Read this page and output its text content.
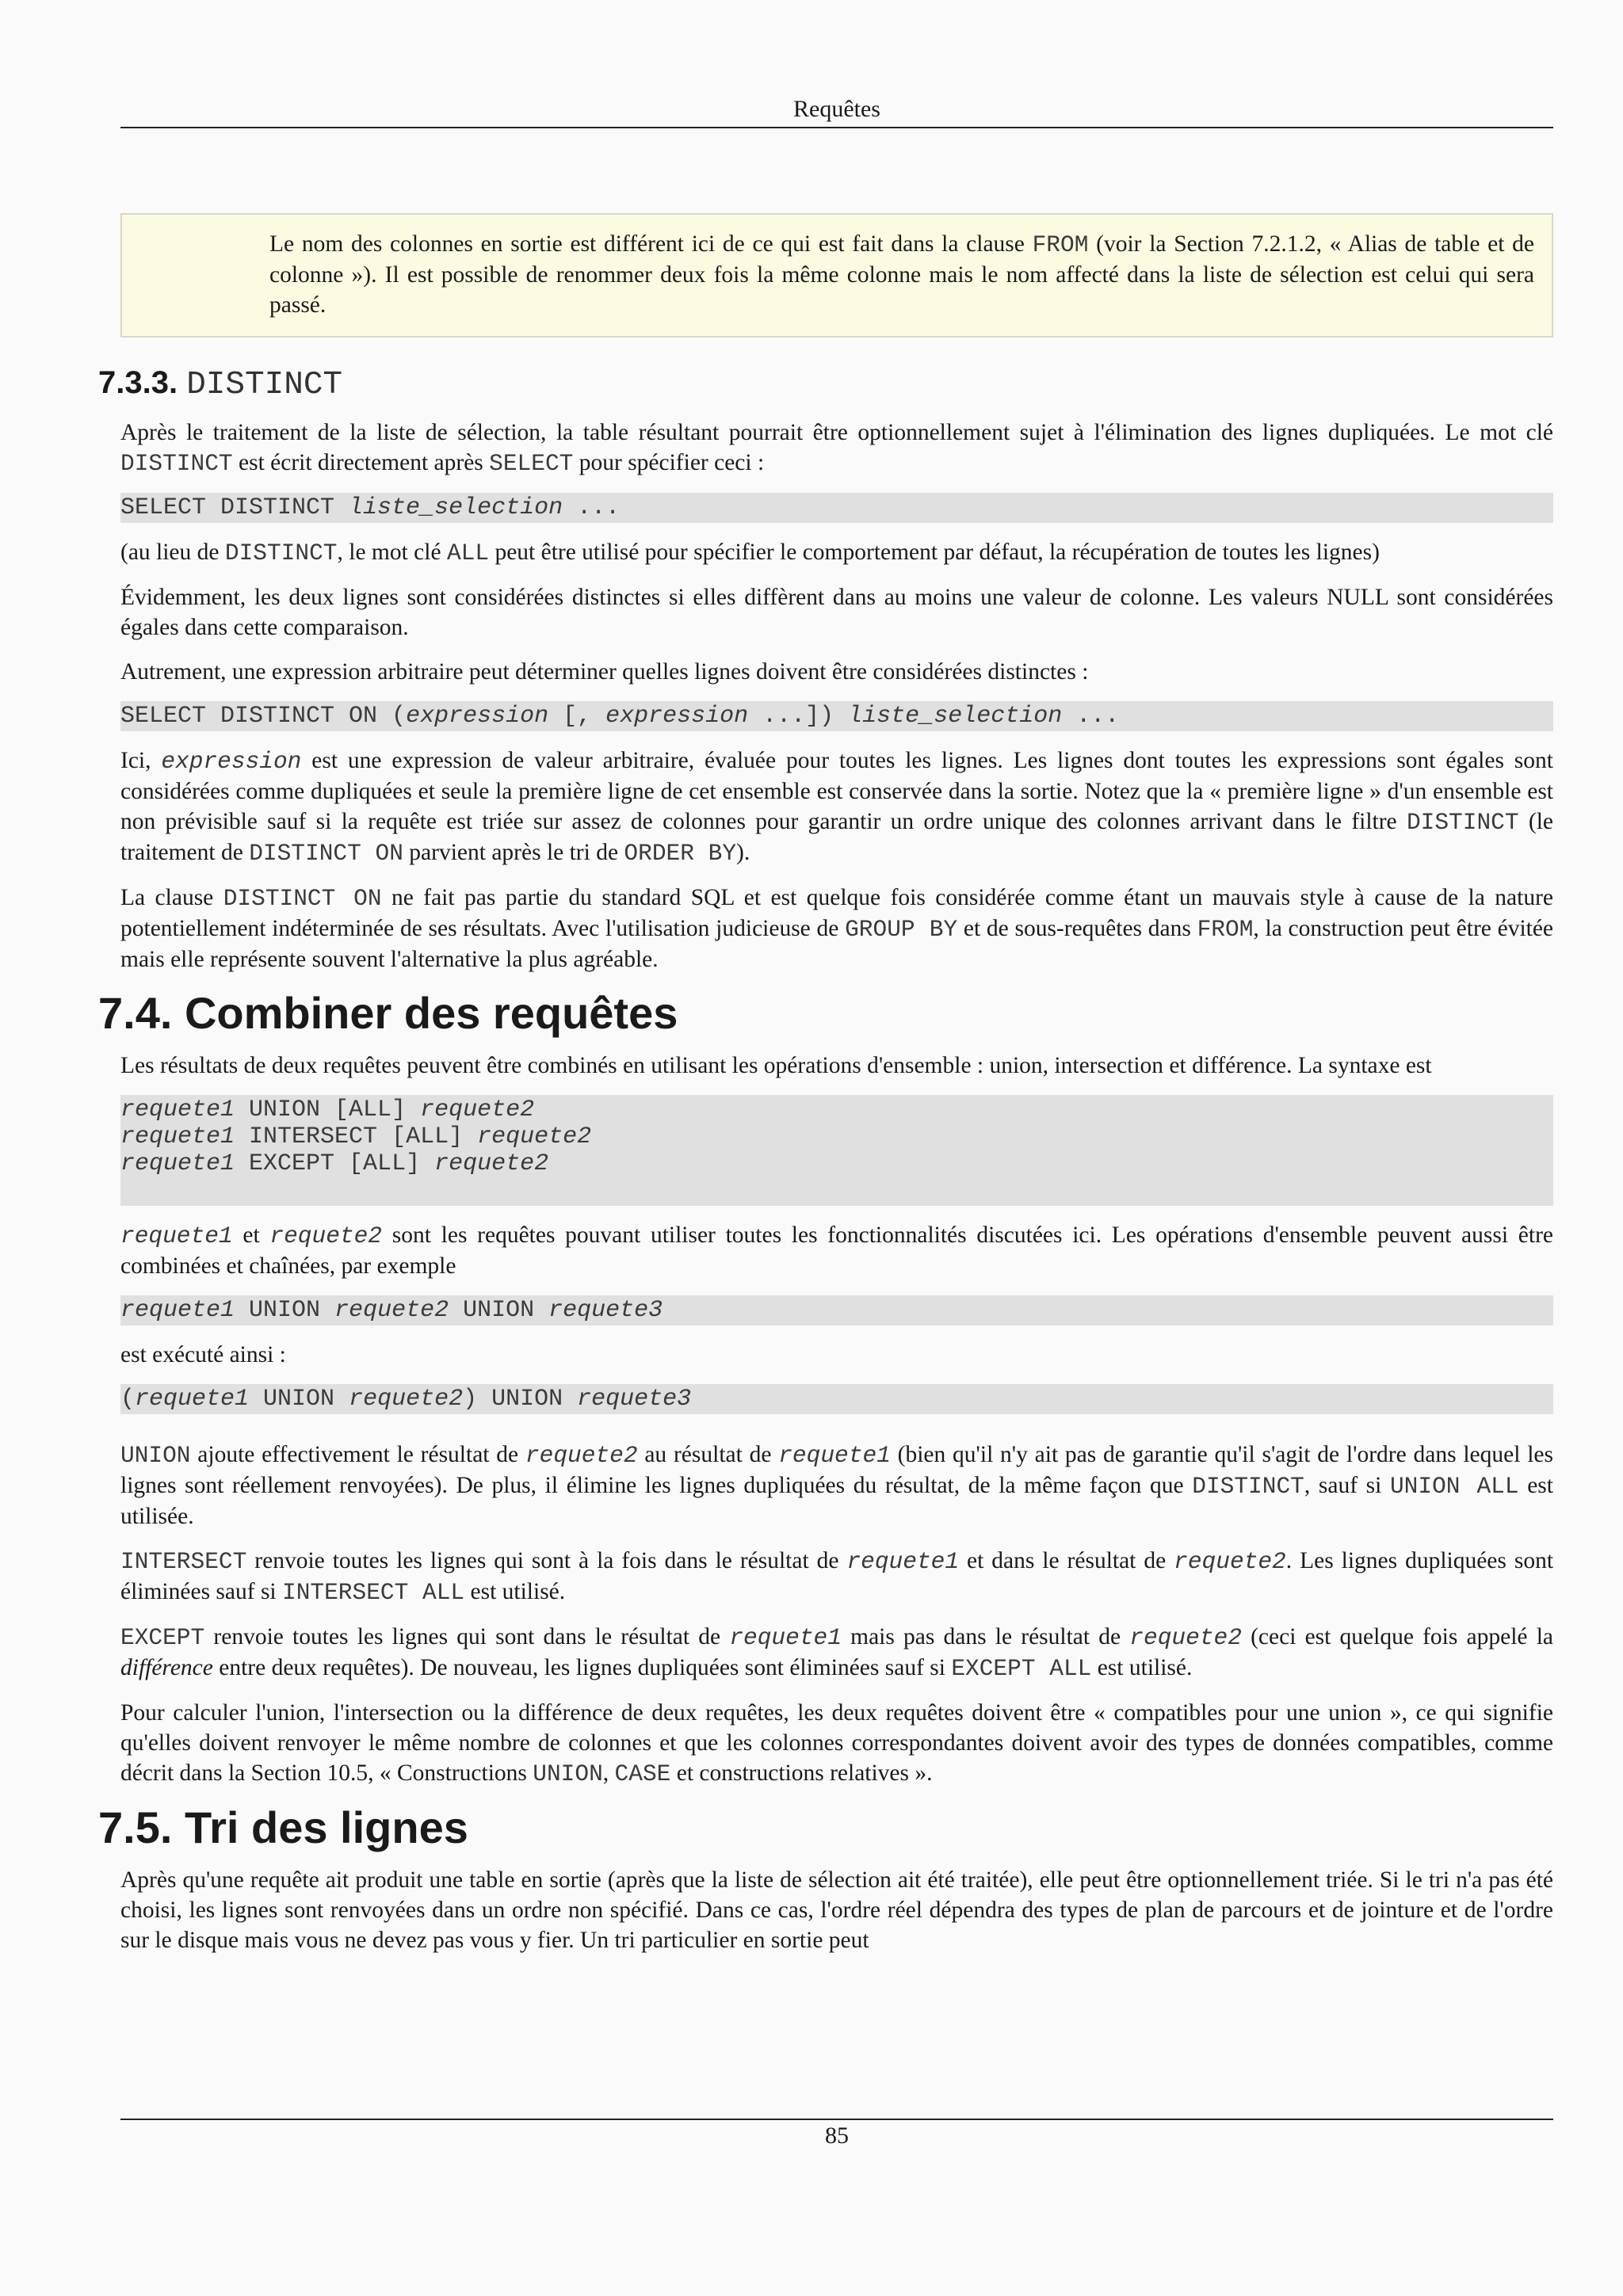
Requêtes

Le nom des colonnes en sortie est différent ici de ce qui est fait dans la clause FROM (voir la Section 7.2.1.2, « Alias de table et de colonne »). Il est possible de renommer deux fois la même colonne mais le nom affecté dans la liste de sélection est celui qui sera passé.

7.3.3. DISTINCT

Après le traitement de la liste de sélection, la table résultant pourrait être optionnellement sujet à l'élimination des lignes dupliquées. Le mot clé DISTINCT est écrit directement après SELECT pour spécifier ceci :

SELECT DISTINCT liste_selection ...

(au lieu de DISTINCT, le mot clé ALL peut être utilisé pour spécifier le comportement par défaut, la récupération de toutes les lignes)

Évidemment, les deux lignes sont considérées distinctes si elles diffèrent dans au moins une valeur de colonne. Les valeurs NULL sont considérées égales dans cette comparaison.

Autrement, une expression arbitraire peut déterminer quelles lignes doivent être considérées distinctes :

SELECT DISTINCT ON (expression [, expression ...]) liste_selection ...

Ici, expression est une expression de valeur arbitraire, évaluée pour toutes les lignes. Les lignes dont toutes les expressions sont égales sont considérées comme dupliquées et seule la première ligne de cet ensemble est conservée dans la sortie. Notez que la « première ligne » d'un ensemble est non prévisible sauf si la requête est triée sur assez de colonnes pour garantir un ordre unique des colonnes arrivant dans le filtre DISTINCT (le traitement de DISTINCT ON parvient après le tri de ORDER BY).

La clause DISTINCT ON ne fait pas partie du standard SQL et est quelque fois considérée comme étant un mauvais style à cause de la nature potentiellement indéterminée de ses résultats. Avec l'utilisation judicieuse de GROUP BY et de sous-requêtes dans FROM, la construction peut être évitée mais elle représente souvent l'alternative la plus agréable.

7.4. Combiner des requêtes

Les résultats de deux requêtes peuvent être combinés en utilisant les opérations d'ensemble : union, intersection et différence. La syntaxe est

requete1 UNION [ALL] requete2
requete1 INTERSECT [ALL] requete2
requete1 EXCEPT [ALL] requete2

requete1 et requete2 sont les requêtes pouvant utiliser toutes les fonctionnalités discutées ici. Les opérations d'ensemble peuvent aussi être combinées et chaînées, par exemple

requete1 UNION requete2 UNION requete3

est exécuté ainsi :

(requete1 UNION requete2) UNION requete3

UNION ajoute effectivement le résultat de requete2 au résultat de requete1 (bien qu'il n'y ait pas de garantie qu'il s'agit de l'ordre dans lequel les lignes sont réellement renvoyées). De plus, il élimine les lignes dupliquées du résultat, de la même façon que DISTINCT, sauf si UNION ALL est utilisée.

INTERSECT renvoie toutes les lignes qui sont à la fois dans le résultat de requete1 et dans le résultat de requete2. Les lignes dupliquées sont éliminées sauf si INTERSECT ALL est utilisé.

EXCEPT renvoie toutes les lignes qui sont dans le résultat de requete1 mais pas dans le résultat de requete2 (ceci est quelque fois appelé la différence entre deux requêtes). De nouveau, les lignes dupliquées sont éliminées sauf si EXCEPT ALL est utilisé.

Pour calculer l'union, l'intersection ou la différence de deux requêtes, les deux requêtes doivent être « compatibles pour une union », ce qui signifie qu'elles doivent renvoyer le même nombre de colonnes et que les colonnes correspondantes doivent avoir des types de données compatibles, comme décrit dans la Section 10.5, « Constructions UNION, CASE et constructions relatives ».

7.5. Tri des lignes

Après qu'une requête ait produit une table en sortie (après que la liste de sélection ait été traitée), elle peut être optionnellement triée. Si le tri n'a pas été choisi, les lignes sont renvoyées dans un ordre non spécifié. Dans ce cas, l'ordre réel dépendra des types de plan de parcours et de jointure et de l'ordre sur le disque mais vous ne devez pas vous y fier. Un tri particulier en sortie peut

85
